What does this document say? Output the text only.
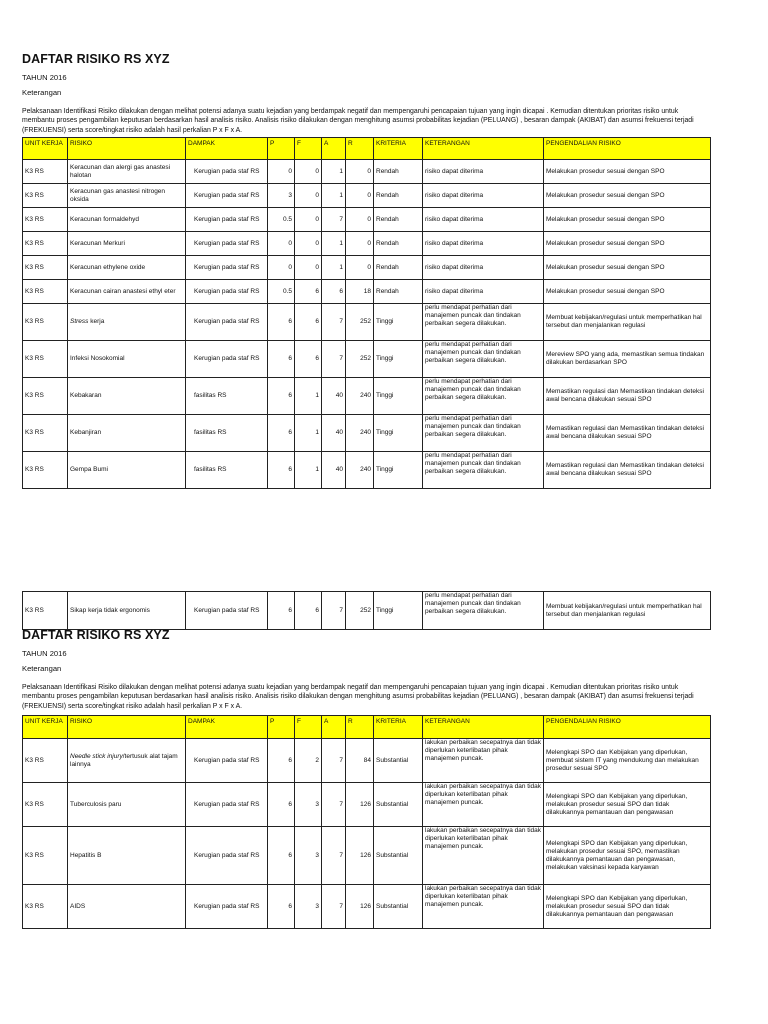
DAFTAR RISIKO RS XYZ
TAHUN 2016
Keterangan
Pelaksanaan Identifikasi Risiko dilakukan dengan melihat potensi adanya suatu kejadian yang berdampak negatif dan mempengaruhi pencapaian tujuan yang ingin dicapai . Kemudian ditentukan prioritas risiko untuk membantu proses pengambilan keputusan berdasarkan hasil analisis risiko. Analisis risiko dilakukan dengan menghitung asumsi probabilitas kejadian (PELUANG) , besaran dampak (AKIBAT) dan asumsi frekuensi terjadi (FREKUENSI) serta score/tingkat risiko adalah hasil perkalian P x F x A.
UNIT KERJA	RISIKO	DAMPAK	P	F	A	R	KRITERIA	KETERANGAN	PENGENDALIAN RISIKO
K3 RS	Keracunan dan alergi gas anastesi halotan	Kerugian pada staf RS	0	0	1	0	Rendah	risiko dapat diterima	Melakukan prosedur sesuai dengan SPO
K3 RS	Keracunan gas anastesi nitrogen oksida	Kerugian pada staf RS	3	0	1	0	Rendah	risiko dapat diterima	Melakukan prosedur sesuai dengan SPO
K3 RS	Keracunan formaldehyd	Kerugian pada staf RS	0.5	0	7	0	Rendah	risiko dapat diterima	Melakukan prosedur sesuai dengan SPO
K3 RS	Keracunan Merkuri	Kerugian pada staf RS	0	0	1	0	Rendah	risiko dapat diterima	Melakukan prosedur sesuai dengan SPO
K3 RS	Keracunan ethylene oxide	Kerugian pada staf RS	0	0	1	0	Rendah	risiko dapat diterima	Melakukan prosedur sesuai dengan SPO
K3 RS	Keracunan cairan anastesi ethyl eter	Kerugian pada staf RS	0.5	6	6	18	Rendah	risiko dapat diterima	Melakukan prosedur sesuai dengan SPO
K3 RS	Stress kerja	Kerugian pada staf RS	6	6	7	252	Tinggi	perlu mendapat perhatian dari manajemen puncak dan tindakan perbaikan segera dilakukan.	Membuat kebijakan/regulasi untuk memperhatikan hal tersebut dan menjalankan regulasi
K3 RS	Infeksi Nosokomial	Kerugian pada staf RS	6	6	7	252	Tinggi	perlu mendapat perhatian dari manajemen puncak dan tindakan perbaikan segera dilakukan.	Mereview SPO yang ada, memastikan semua tindakan dilakukan berdasarkan SPO
K3 RS	Kebakaran	fasilitas RS	6	1	40	240	Tinggi	perlu mendapat perhatian dari manajemen puncak dan tindakan perbaikan segera dilakukan.	Memastikan regulasi dan Memastikan tindakan deteksi awal bencana dilakukan sesuai SPO
K3 RS	Kebanjiran	fasilitas RS	6	1	40	240	Tinggi	perlu mendapat perhatian dari manajemen puncak dan tindakan perbaikan segera dilakukan.	Memastikan regulasi dan Memastikan tindakan deteksi awal bencana dilakukan sesuai SPO
K3 RS	Gempa Bumi	fasilitas RS	6	1	40	240	Tinggi	perlu mendapat perhatian dari manajemen puncak dan tindakan perbaikan segera dilakukan.	Memastikan regulasi dan Memastikan tindakan deteksi awal bencana dilakukan sesuai SPO
K3 RS	Sikap kerja tidak ergonomis	Kerugian pada staf RS	6	6	7	252	Tinggi	perlu mendapat perhatian dari manajemen puncak dan tindakan perbaikan segera dilakukan.	Membuat kebijakan/regulasi untuk memperhatikan hal tersebut dan menjalankan regulasi
DAFTAR RISIKO RS XYZ
TAHUN 2016
Keterangan
Pelaksanaan Identifikasi Risiko dilakukan dengan melihat potensi adanya suatu kejadian yang berdampak negatif dan mempengaruhi pencapaian tujuan yang ingin dicapai . Kemudian ditentukan prioritas risiko untuk membantu proses pengambilan keputusan berdasarkan hasil analisis risiko. Analisis risiko dilakukan dengan menghitung asumsi probabilitas kejadian (PELUANG) , besaran dampak (AKIBAT) dan asumsi frekuensi terjadi (FREKUENSI) serta score/tingkat risiko adalah hasil perkalian P x F x A.
UNIT KERJA	RISIKO	DAMPAK	P	F	A	R	KRITERIA	KETERANGAN	PENGENDALIAN RISIKO
K3 RS	Needle stick injury/tertusuk alat tajam lainnya	Kerugian pada staf RS	6	2	7	84	Substantial	lakukan perbaikan secepatnya dan tidak diperlukan keterlibatan pihak manajemen puncak.	Melengkapi SPO dan Kebijakan yang diperlukan, membuat sistem IT yang mendukung dan melakukan prosedur sesuai SPO
K3 RS	Tuberculosis paru	Kerugian pada staf RS	6	3	7	126	Substantial	lakukan perbaikan secepatnya dan tidak diperlukan keterlibatan pihak manajemen puncak.	Melengkapi SPO dan Kebijakan yang diperlukan, melakukan prosedur sesuai SPO dan tidak dilakukannya pemantauan dan pengawasan
K3 RS	Hepatitis B	Kerugian pada staf RS	6	3	7	126	Substantial	lakukan perbaikan secepatnya dan tidak diperlukan keterlibatan pihak manajemen puncak.	Melengkapi SPO dan Kebijakan yang diperlukan, melakukan prosedur sesuai SPO, memastikan dilakukannya pemantauan dan pengawasan, melakukan vaksinasi kepada karyawan
K3 RS	AIDS	Kerugian pada staf RS	6	3	7	126	Substantial	lakukan perbaikan secepatnya dan tidak diperlukan keterlibatan pihak manajemen puncak.	Melengkapi SPO dan Kebijakan yang diperlukan, melakukan prosedur sesuai SPO dan tidak dilakukannya pemantauan dan pengawasan
